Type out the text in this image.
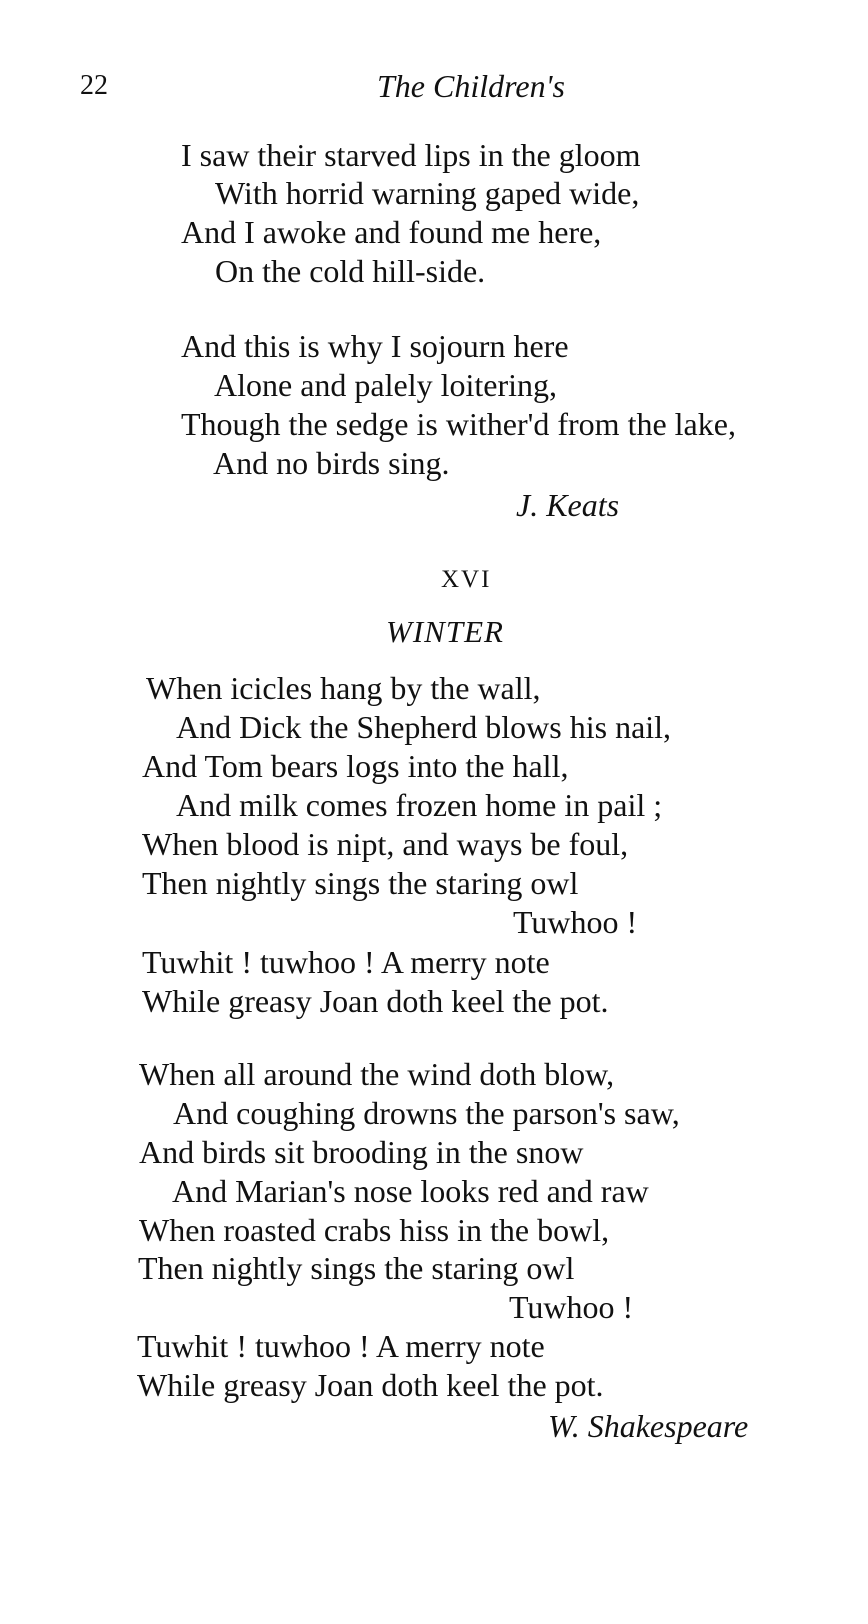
22	The Children's
I saw their starved lips in the gloom
With horrid warning gaped wide,
And I awoke and found me here,
On the cold hill-side.
And this is why I sojourn here
Alone and palely loitering,
Though the sedge is wither'd from the lake,
And no birds sing.
J. Keats
XVI
WINTER
When icicles hang by the wall,
And Dick the Shepherd blows his nail,
And Tom bears logs into the hall,
And milk comes frozen home in pail ;
When blood is nipt, and ways be foul,
Then nightly sings the staring owl
Tuwhoo !
Tuwhit ! tuwhoo ! A merry note
While greasy Joan doth keel the pot.
When all around the wind doth blow,
And coughing drowns the parson's saw,
And birds sit brooding in the snow
And Marian's nose looks red and raw
When roasted crabs hiss in the bowl,
Then nightly sings the staring owl
Tuwhoo !
Tuwhit ! tuwhoo ! A merry note
While greasy Joan doth keel the pot.
W. Shakespeare
